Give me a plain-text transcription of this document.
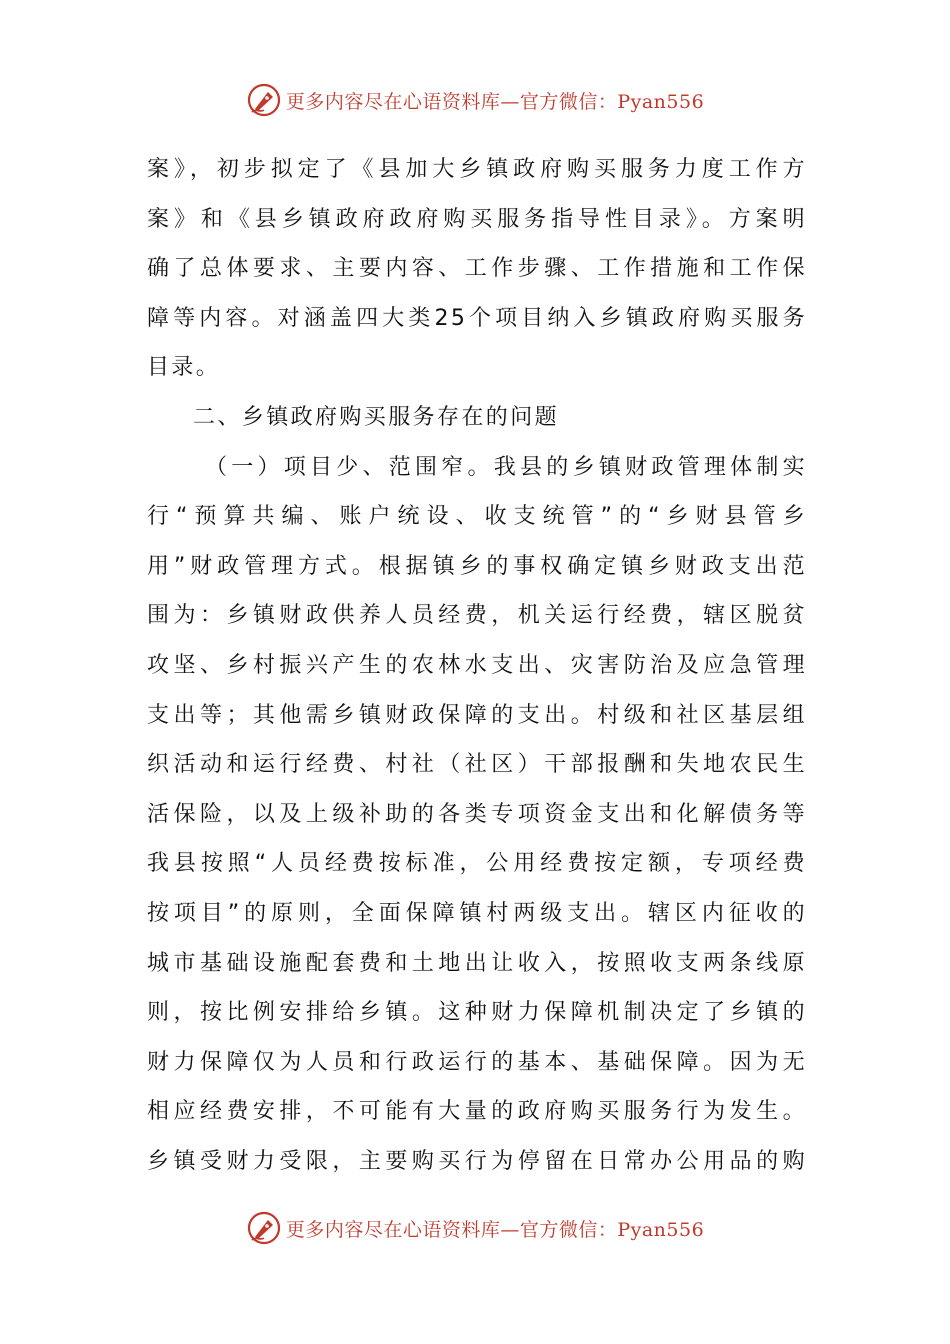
更多内容尽在心语资料库—官方微信：Pyan556
案》，初步拟定了《县加大乡镇政府购买服务力度工作方
案》和《县乡镇政府政府购买服务指导性目录》。方案明
确了总体要求、主要内容、工作步骤、工作措施和工作保
障等内容。对涵盖四大类25个项目纳入乡镇政府购买服务
目录。
二、乡镇政府购买服务存在的问题
（一）项目少、范围窄。我县的乡镇财政管理体制实
行“预算共编、账户统设、收支统管”的“乡财县管乡
用”财政管理方式。根据镇乡的事权确定镇乡财政支出范
围为：乡镇财政供养人员经费，机关运行经费，辖区脱贫
攻坚、乡村振兴产生的农林水支出、灾害防治及应急管理
支出等；其他需乡镇财政保障的支出。村级和社区基层组
织活动和运行经费、村社（社区）干部报酬和失地农民生
活保险，以及上级补助的各类专项资金支出和化解债务等
我县按照“人员经费按标准，公用经费按定额，专项经费
按项目”的原则，全面保障镇村两级支出。辖区内征收的
城市基础设施配套费和土地出让收入，按照收支两条线原
则，按比例安排给乡镇。这种财力保障机制决定了乡镇的
财力保障仅为人员和行政运行的基本、基础保障。因为无
相应经费安排，不可能有大量的政府购买服务行为发生。
乡镇受财力受限，主要购买行为停留在日常办公用品的购
更多内容尽在心语资料库—官方微信：Pyan556
